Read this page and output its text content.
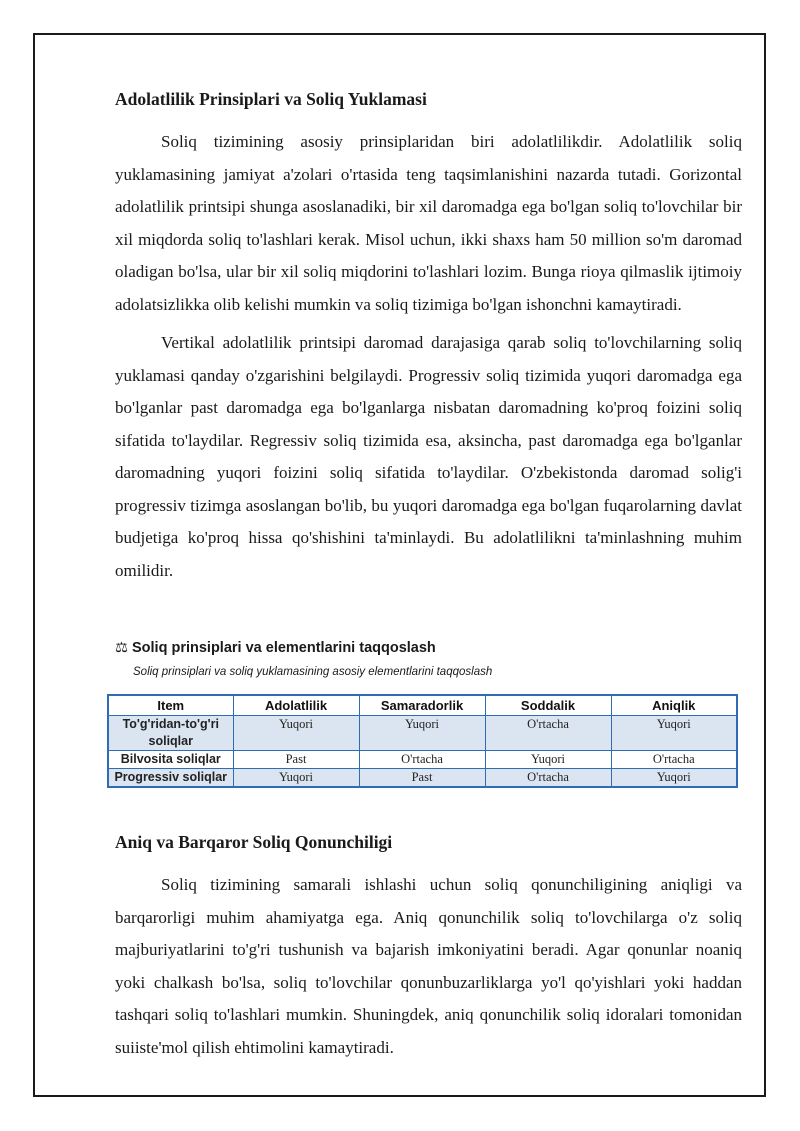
Adolatlilik Prinsiplari va Soliq Yuklamasi

Soliq tizimining asosiy prinsiplaridan biri adolatlilikdir. Adolatlilik soliq yuklamasining jamiyat a'zolari o'rtasida teng taqsimlanishini nazarda tutadi. Gorizontal adolatlilik printsipi shunga asoslanadiki, bir xil daromadga ega bo'lgan soliq to'lovchilar bir xil miqdorda soliq to'lashlari kerak. Misol uchun, ikki shaxs ham 50 million so'm daromad oladigan bo'lsa, ular bir xil soliq miqdorini to'lashlari lozim. Bunga rioya qilmaslik ijtimoiy adolatsizlikka olib kelishi mumkin va soliq tizimiga bo'lgan ishonchni kamaytiradi.

Vertikal adolatlilik printsipi daromad darajasiga qarab soliq to'lovchilarning soliq yuklamasi qanday o'zgarishini belgilaydi. Progressiv soliq tizimida yuqori daromadga ega bo'lganlar past daromadga ega bo'lganlarga nisbatan daromadning ko'proq foizini soliq sifatida to'laydilar. Regressiv soliq tizimida esa, aksincha, past daromadga ega bo'lganlar daromadning yuqori foizini soliq sifatida to'laydilar. O'zbekistonda daromad solig'i progressiv tizimga asoslangan bo'lib, bu yuqori daromadga ega bo'lgan fuqarolarning davlat budjetiga ko'proq hissa qo'shishini ta'minlaydi. Bu adolatlilikni ta'minlashning muhim omilidir.

⚖ Soliq prinsiplari va elementlarini taqqoslash
Soliq prinsiplari va soliq yuklamasining asosiy elementlarini taqqoslash
Item	Adolatlilik	Samaradorlik	Soddalik	Aniqlik
To'g'ridan-to'g'ri soliqlar	Yuqori	Yuqori	O'rtacha	Yuqori
Bilvosita soliqlar	Past	O'rtacha	Yuqori	O'rtacha
Progressiv soliqlar	Yuqori	Past	O'rtacha	Yuqori
Aniq va Barqaror Soliq Qonunchiligi

Soliq tizimining samarali ishlashi uchun soliq qonunchiligining aniqligi va barqarorligi muhim ahamiyatga ega. Aniq qonunchilik soliq to'lovchilarga o'z soliq majburiyatlarini to'g'ri tushunish va bajarish imkoniyatini beradi. Agar qonunlar noaniq yoki chalkash bo'lsa, soliq to'lovchilar qonunbuzarliklarga yo'l qo'yishlari yoki haddan tashqari soliq to'lashlari mumkin. Shuningdek, aniq qonunchilik soliq idoralari tomonidan suiiste'mol qilish ehtimolini kamaytiradi.
